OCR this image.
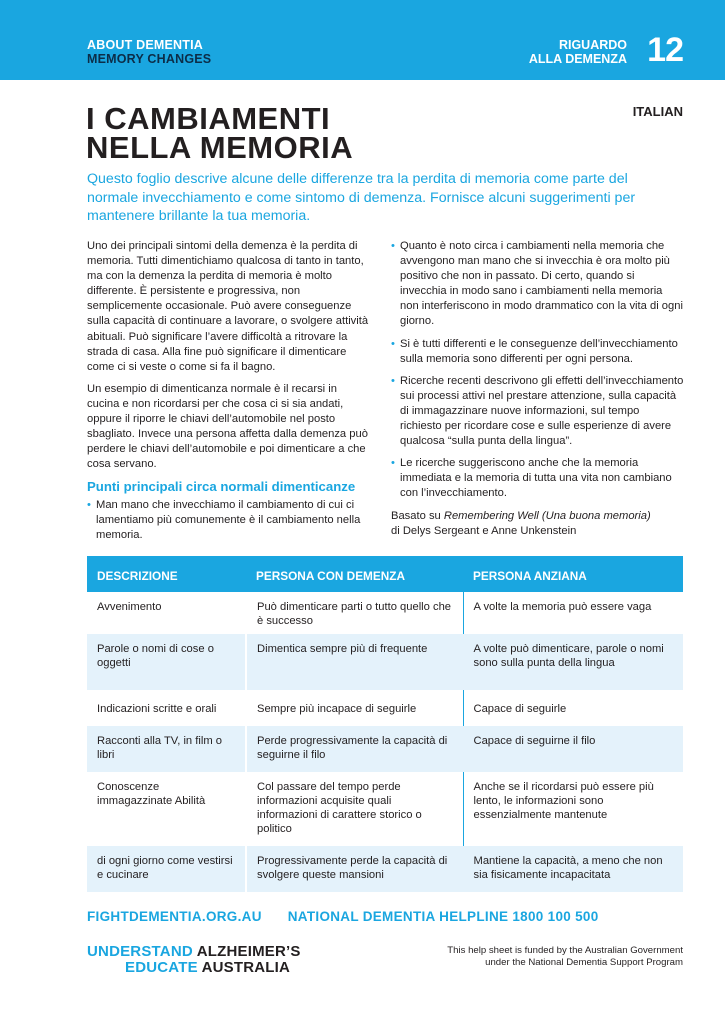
ABOUT DEMENTIA
MEMORY CHANGES
RIGUARDO
ALLA DEMENZA 12
ITALIAN
I CAMBIAMENTI
NELLA MEMORIA
Questo foglio descrive alcune delle differenze tra la perdita di memoria come parte del normale invecchiamento e come sintomo di demenza. Fornisce alcuni suggerimenti per mantenere brillante la tua memoria.

Uno dei principali sintomi della demenza è la perdita di memoria. Tutti dimentichiamo qualcosa di tanto in tanto, ma con la demenza la perdita di memoria è molto differente. È persistente e progressiva, non semplicemente occasionale. Può avere conseguenze sulla capacità di continuare a lavorare, o svolgere attività abituali. Può significare l’avere difficoltà a ritrovare la strada di casa. Alla fine può significare il dimenticare come ci si veste o come si fa il bagno.

Un esempio di dimenticanza normale è il recarsi in cucina e non ricordarsi per che cosa ci si sia andati, oppure il riporre le chiavi dell’automobile nel posto sbagliato. Invece una persona affetta dalla demenza può perdere le chiavi dell’automobile e poi dimenticare a che cosa servano.

Punti principali circa normali dimenticanze
• Man mano che invecchiamo il cambiamento di cui ci lamentiamo più comunemente è il cambiamento nella memoria.
• Quanto è noto circa i cambiamenti nella memoria che avvengono man mano che si invecchia è ora molto più positivo che non in passato. Di certo, quando si invecchia in modo sano i cambiamenti nella memoria non interferiscono in modo drammatico con la vita di ogni giorno.
• Si è tutti differenti e le conseguenze dell’invecchiamento sulla memoria sono differenti per ogni persona.
• Ricerche recenti descrivono gli effetti dell’invecchiamento sui processi attivi nel prestare attenzione, sulla capacità di immagazzinare nuove informazioni, sul tempo richiesto per ricordare cose e sulle esperienze di avere qualcosa “sulla punta della lingua”.
• Le ricerche suggeriscono anche che la memoria immediata e la memoria di tutta una vita non cambiano con l’invecchiamento.
Basato su Remembering Well (Una buona memoria)
di Delys Sergeant e Anne Unkenstein
DESCRIZIONE	PERSONA CON DEMENZA	PERSONA ANZIANA
Avvenimento	Può dimenticare parti o tutto quello che è successo	A volte la memoria può essere vaga
Parole o nomi di cose o oggetti	Dimentica sempre più di frequente	A volte può dimenticare, parole o nomi sono sulla punta della lingua
Indicazioni scritte e orali	Sempre più incapace di seguirle	Capace di seguirle
Racconti alla TV, in film o libri	Perde progressivamente la capacità di seguirne il filo	Capace di seguirne il filo
Conoscenze immagazzinate Abilità	Col passare del tempo perde informazioni acquisite quali informazioni di carattere storico o politico	Anche se il ricordarsi può essere più lento, le informazioni sono essenzialmente mantenute
di ogni giorno come vestirsi e cucinare	Progressivamente perde la capacità di svolgere queste mansioni	Mantiene la capacità, a meno che non sia fisicamente incapacitata
FIGHTDEMENTIA.ORG.AU NATIONAL DEMENTIA HELPLINE 1800 100 500
UNDERSTAND ALZHEIMER’S
EDUCATE AUSTRALIA
This help sheet is funded by the Australian Government
under the National Dementia Support Program
